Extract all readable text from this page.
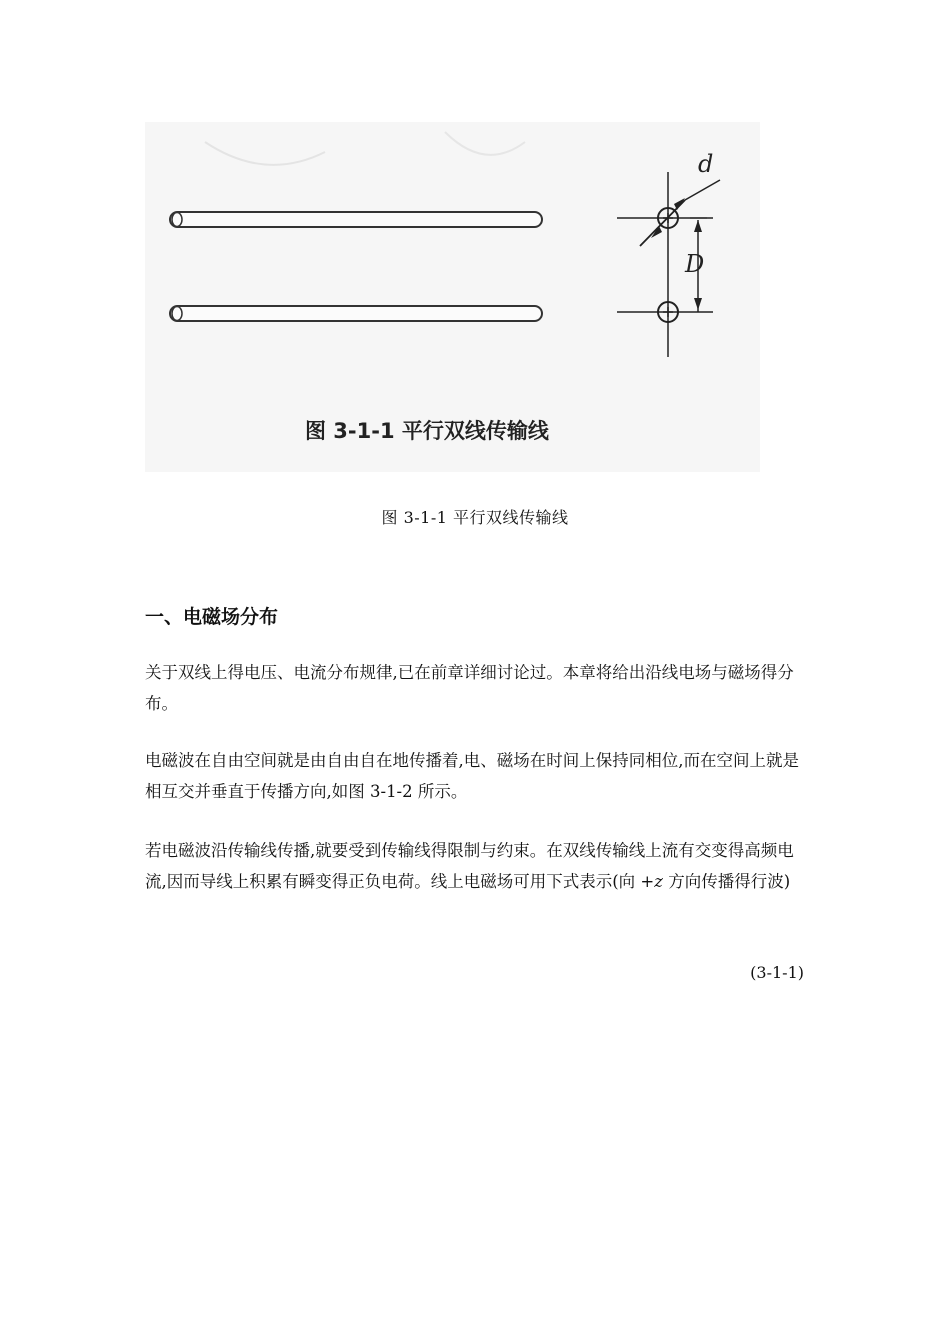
d
D
图 3-1-1 平行双线传输线
图 3-1-1 平行双线传输线
一、电磁场分布

关于双线上得电压、电流分布规律,已在前章详细讨论过。本章将给出沿线电场与磁场得分布。

电磁波在自由空间就是由自由自在地传播着,电、磁场在时间上保持同相位,而在空间上就是相互交并垂直于传播方向,如图 3-1-2 所示。

若电磁波沿传输线传播,就要受到传输线得限制与约束。在双线传输线上流有交变得高频电流,因而导线上积累有瞬变得正负电荷。线上电磁场可用下式表示(向 +z 方向传播得行波)

(3-1-1)
